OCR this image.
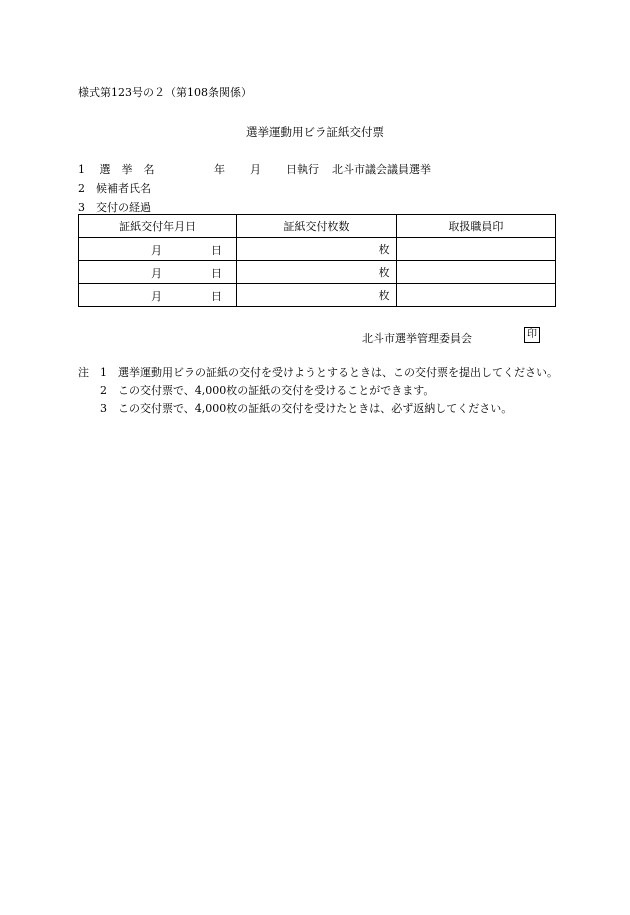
様式第123号の２（第108条関係）
選挙運動用ビラ証紙交付票
1 選 挙 名	年 月 日執行 北斗市議会議員選挙
2 候補者氏名
3 交付の経過
証紙交付年月日	証紙交付枚数	取扱職員印

月 日	枚	

月 日	枚	

月 日	枚	
北斗市選挙管理委員会	印
注 1 選挙運動用ビラの証紙の交付を受けようとするときは、この交付票を提出してください。
2 この交付票で、4,000枚の証紙の交付を受けることができます。
3 この交付票で、4,000枚の証紙の交付を受けたときは、必ず返納してください。
